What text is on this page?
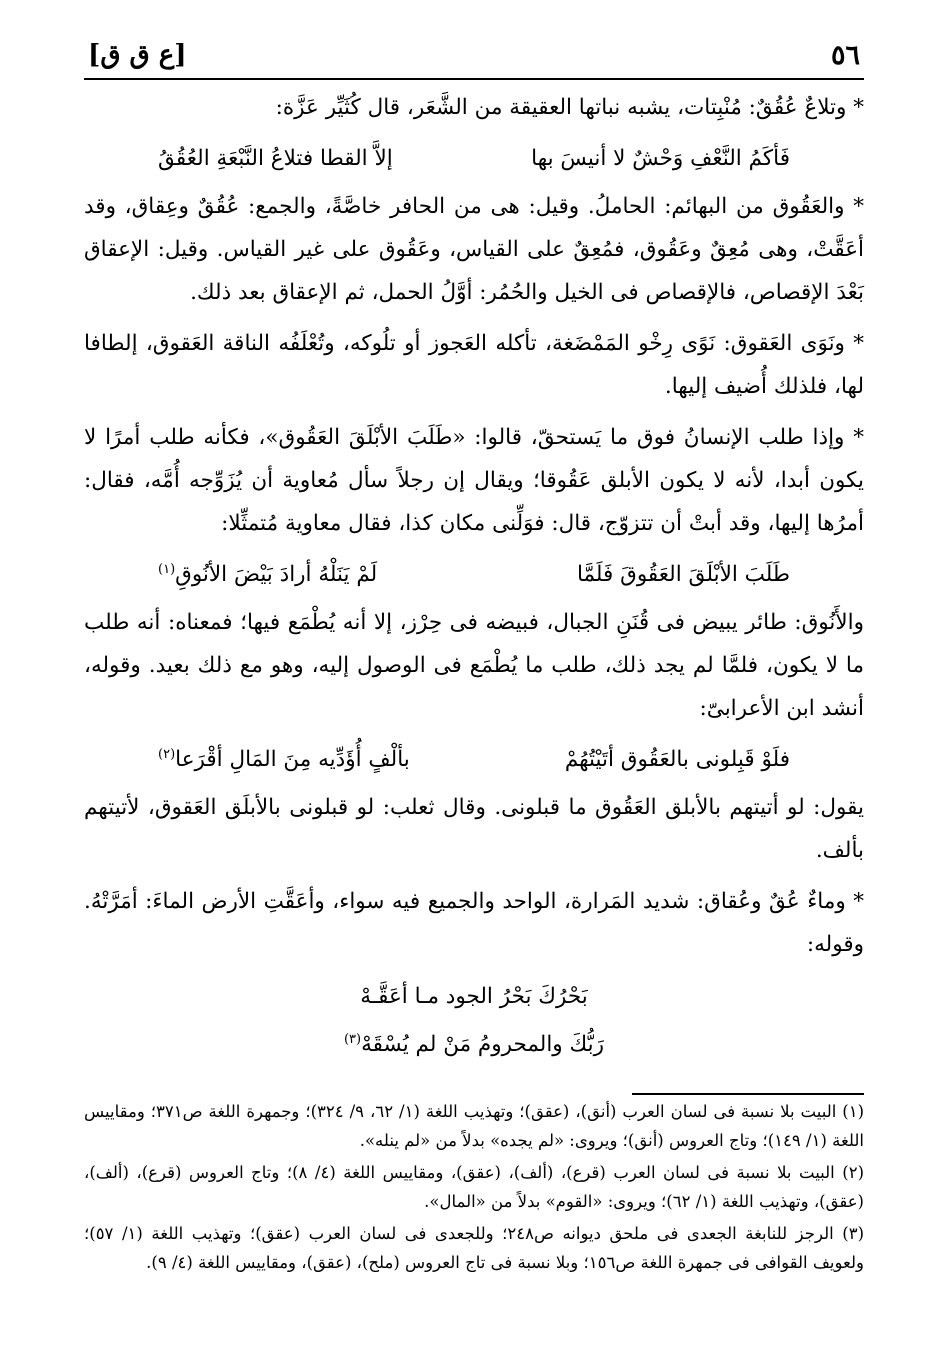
٥٦
[ع ق ق]

* وتلاعٌ عُقُقٌ: مُنْبِتات، يشبه نباتها العقيقة من الشَّعَر، قال كُثَيِّر عَزَّة:

فَأكَمُ النَّعْفِ وَحْشٌ لا أنيسَ بها
إلاَّ القطا فتلاعُ النَّبْعَةِ العُقُقُ

* والعَقُوق من البهائم: الحاملُ. وقيل: هى من الحافر خاصَّةً، والجمع: عُقُقٌ وعِقاق، وقد أعَقَّتْ، وهى مُعِقٌ وعَقُوق، فمُعِقٌ على القياس، وعَقُوق على غير القياس. وقيل: الإعقاق بَعْدَ الإقصاص، فالإقصاص فى الخيل والحُمُر: أوَّلُ الحمل، ثم الإعقاق بعد ذلك.

* ونَوَى العَقوق: نَوًى رِخْو المَمْضَغة، تأكله العَجوز أو تلُوكه، وتُعْلَفُه الناقة العَقوق، إلطافا لها، فلذلك أُضيف إليها.

* وإذا طلب الإنسانُ فوق ما يَستحقّ، قالوا: «طَلَبَ الأبْلَقَ العَقُوق»، فكأنه طلب أمرًا لا يكون أبدا، لأنه لا يكون الأبلق عَقُوقا؛ ويقال إن رجلاً سأل مُعاوية أن يُزَوِّجه أُمَّه، فقال: أمرُها إليها، وقد أبتْ أن تتزوّج، قال: فوَلِّنى مكان كذا، فقال معاوية مُتمثِّلا:

طَلَبَ الأبْلَقَ العَقُوقَ فَلَمَّا
لَمْ يَنَلْهُ أرادَ بَيْضَ الأنُوقِ$^{(١)}$

والأَنُوق: طائر يبيض فى قُنَنِ الجبال، فبيضه فى حِرْز، إلا أنه يُطْمَع فيها؛ فمعناه: أنه طلب ما لا يكون، فلمَّا لم يجد ذلك، طلب ما يُطْمَع فى الوصول إليه، وهو مع ذلك بعيد. وقوله، أنشد ابن الأعرابىّ:

فلَوْ قَبِلونى بالعَقُوق أتَيْتُهُمْ
بألْفٍ أُؤَدِّيه مِنَ المَالِ أقْرَعا$^{(٢)}$

يقول: لو أتيتهم بالأبلق العَقُوق ما قبلونى. وقال ثعلب: لو قبلونى بالأبلَق العَقوق، لأتيتهم بألف.

* وماءٌ عُقٌ وعُقاق: شديد المَرارة، الواحد والجميع فيه سواء، وأعَقَّتِ الأرض الماءَ: أمَرَّتْهُ. وقوله:

بَحْرُكَ بَحْرُ الجود مـا أعَقَّـهْ

رَبُّكَ والمحرومُ مَنْ لم يُسْقَهْ$^{(٣)}$

(١) البيت بلا نسبة فى لسان العرب (أنق)، (عقق)؛ وتهذيب اللغة (١/ ٦٢، ٩/ ٣٢٤)؛ وجمهرة اللغة ص٣٧١؛ ومقاييس اللغة (١/ ١٤٩)؛ وتاج العروس (أنق)؛ ويروى: «لم يجده» بدلاً من «لم ينله».

(٢) البيت بلا نسبة فى لسان العرب (قرع)، (ألف)، (عقق)، ومقاييس اللغة (٤/ ٨)؛ وتاج العروس (قرع)، (ألف)، (عقق)، وتهذيب اللغة (١/ ٦٢)؛ ويروى: «القوم» بدلاً من «المال».

(٣) الرجز للنابغة الجعدى فى ملحق ديوانه ص٢٤٨؛ وللجعدى فى لسان العرب (عقق)؛ وتهذيب اللغة (١/ ٥٧)؛ ولعويف القوافى فى جمهرة اللغة ص١٥٦؛ وبلا نسبة فى تاج العروس (ملح)، (عقق)، ومقاييس اللغة (٤/ ٩).
